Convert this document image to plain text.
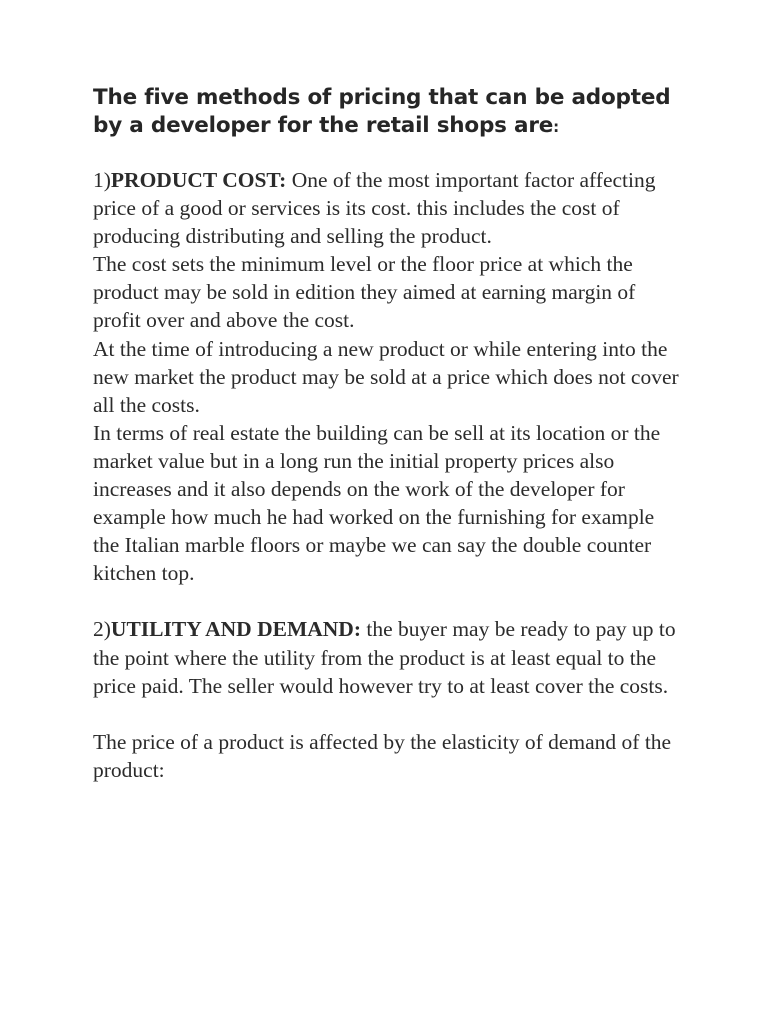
The five methods of pricing that can be adopted by a developer for the retail shops are:

1)PRODUCT COST: One of the most important factor affecting price of a good or services is its cost. this includes the cost of producing distributing and selling the product.

The cost sets the minimum level or the floor price at which the product may be sold in edition they aimed at earning margin of profit over and above the cost.

At the time of introducing a new product or while entering into the new market the product may be sold at a price which does not cover all the costs.

In terms of real estate the building can be sell at its location or the market value but in a long run the initial property prices also increases and it also depends on the work of the developer for example how much he had worked on the furnishing for example the Italian marble floors or maybe we can say the double counter kitchen top.

2)UTILITY AND DEMAND: the buyer may be ready to pay up to the point where the utility from the product is at least equal to the price paid. The seller would however try to at least cover the costs.

The price of a product is affected by the elasticity of demand of the product:
